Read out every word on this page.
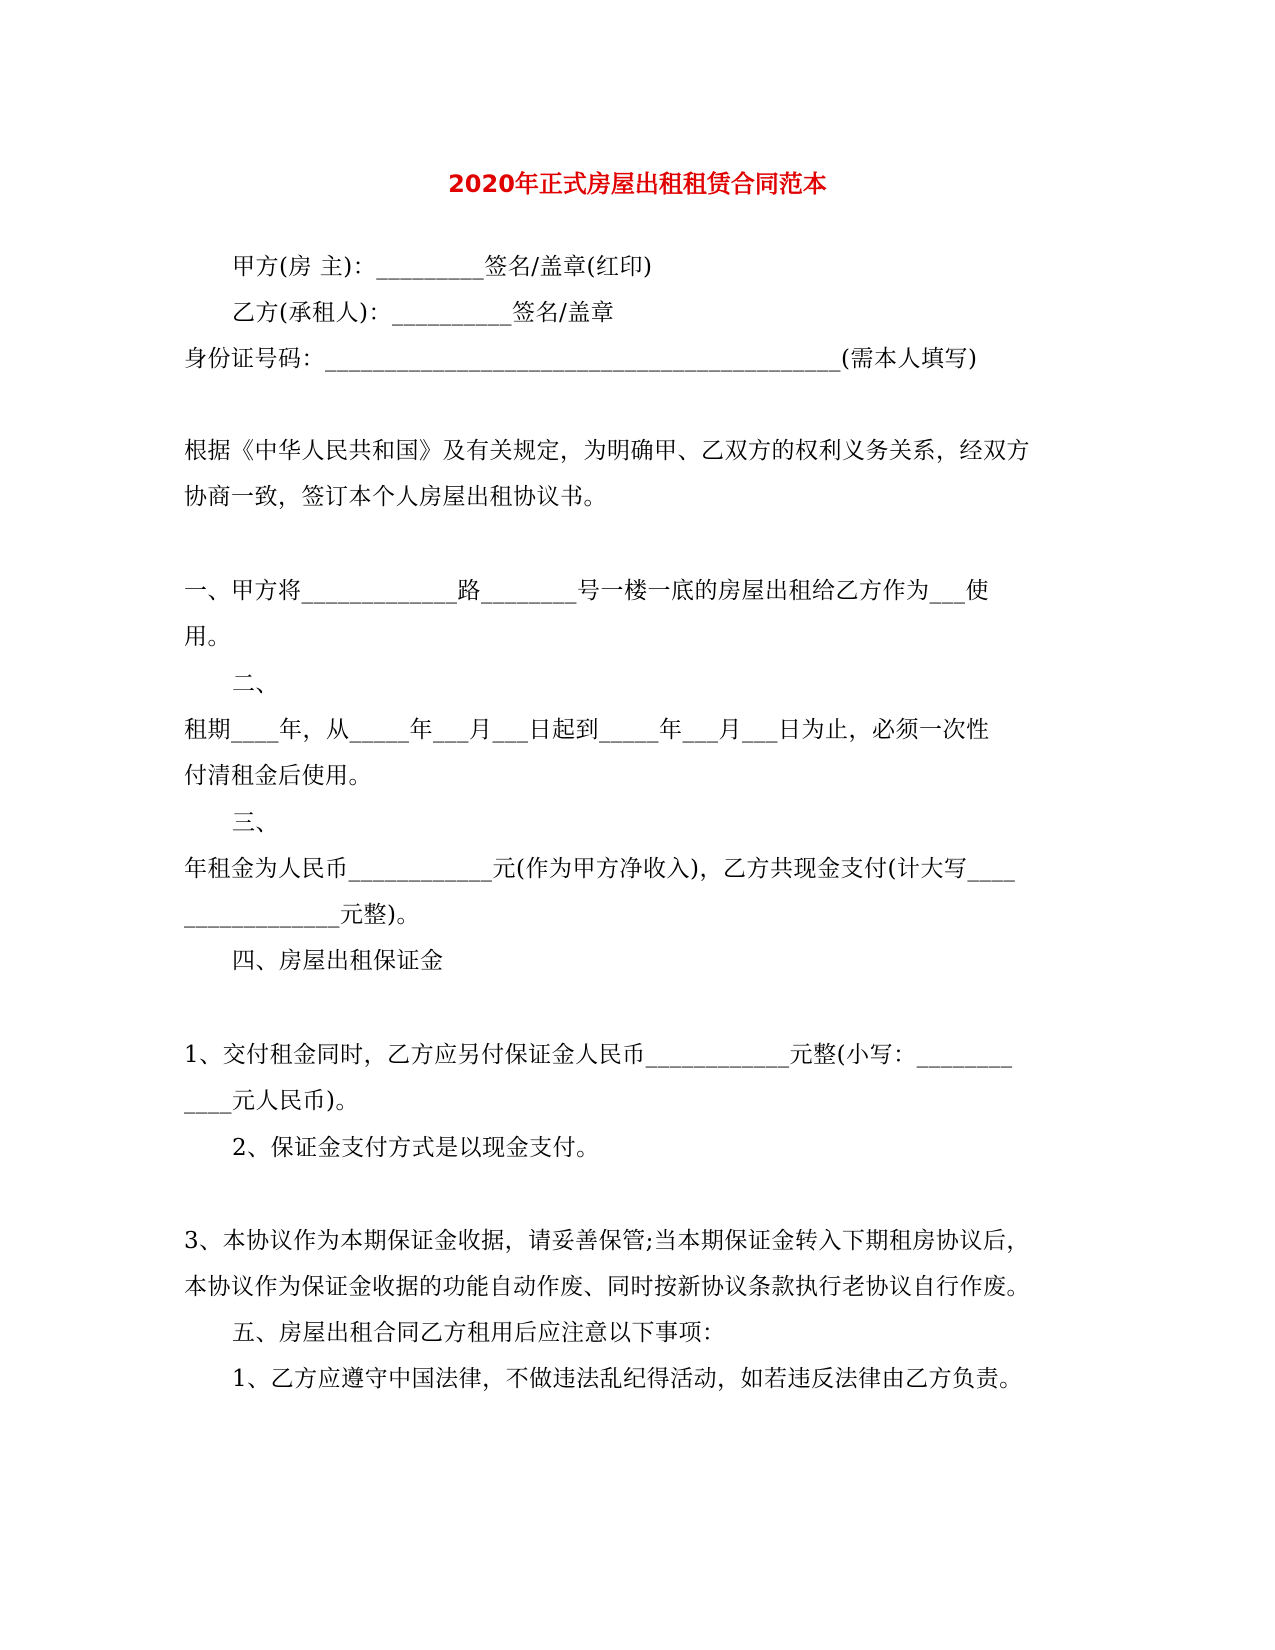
2020年正式房屋出租租赁合同范本
甲方(房 主)：_________签名/盖章(红印)
乙方(承租人)：__________签名/盖章
身份证号码：___________________________________________(需本人填写)
根据《中华人民共和国》及有关规定，为明确甲、乙双方的权利义务关系，经双方
协商一致，签订本个人房屋出租协议书。
一、甲方将_____________路________号一楼一底的房屋出租给乙方作为___使
用。
二、
租期____年，从_____年___月___日起到_____年___月___日为止，必须一次性
付清租金后使用。
三、
年租金为人民币____________元(作为甲方净收入)，乙方共现金支付(计大写____
_____________元整)。
四、房屋出租保证金
1、交付租金同时，乙方应另付保证金人民币____________元整(小写：________
____元人民币)。
2、保证金支付方式是以现金支付。
3、本协议作为本期保证金收据，请妥善保管;当本期保证金转入下期租房协议后，
本协议作为保证金收据的功能自动作废、同时按新协议条款执行老协议自行作废。
五、房屋出租合同乙方租用后应注意以下事项：
1、乙方应遵守中国法律，不做违法乱纪得活动，如若违反法律由乙方负责。
